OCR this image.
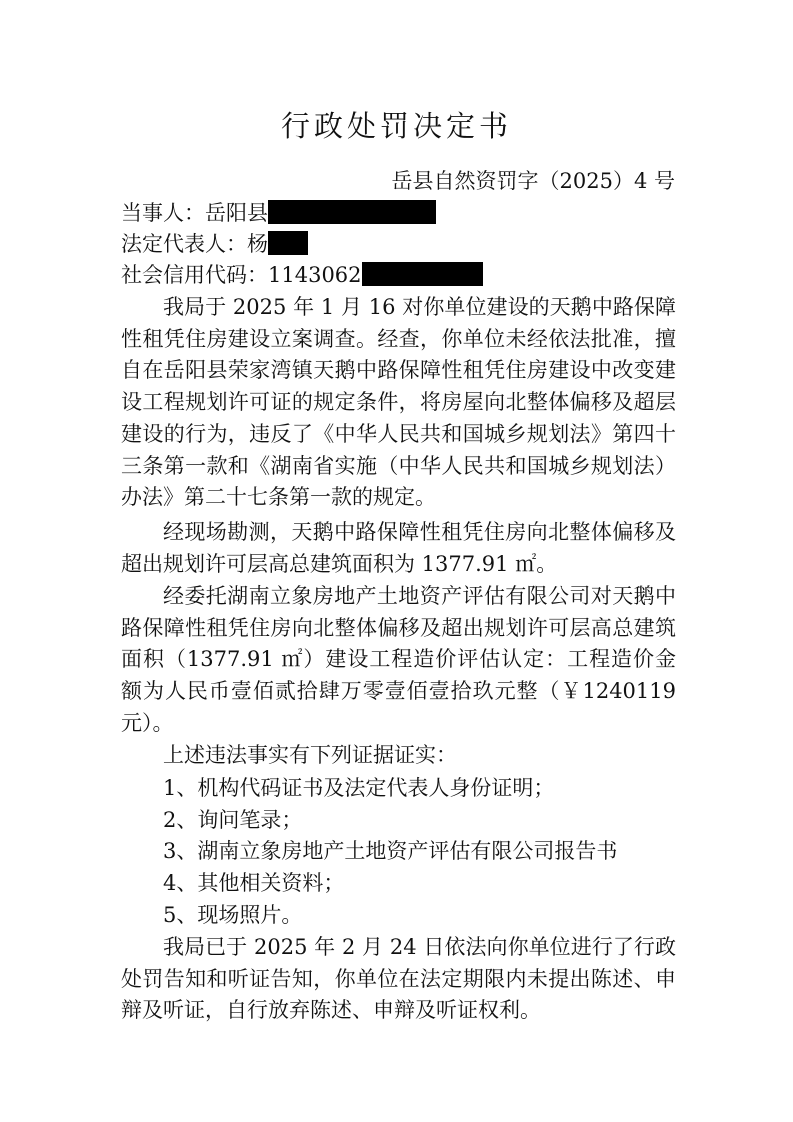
行政处罚决定书
岳县自然资罚字（2025）4 号
当事人：岳阳县
法定代表人：杨
社会信用代码：1143062

我局于 2025 年 1 月 16 对你单位建设的天鹅中路保障性租凭住房建设立案调查。经查，你单位未经依法批准，擅自在岳阳县荣家湾镇天鹅中路保障性租凭住房建设中改变建设工程规划许可证的规定条件，将房屋向北整体偏移及超层建设的行为，违反了《中华人民共和国城乡规划法》第四十三条第一款和《湖南省实施（中华人民共和国城乡规划法）办法》第二十七条第一款的规定。

经现场勘测，天鹅中路保障性租凭住房向北整体偏移及超出规划许可层高总建筑面积为 1377.91 ㎡。

经委托湖南立象房地产土地资产评估有限公司对天鹅中路保障性租凭住房向北整体偏移及超出规划许可层高总建筑面积（1377.91 ㎡）建设工程造价评估认定：工程造价金额为人民币壹佰贰拾肆万零壹佰壹拾玖元整（￥1240119元）。

上述违法事实有下列证据证实：

1、机构代码证书及法定代表人身份证明；
2、询问笔录；
3、湖南立象房地产土地资产评估有限公司报告书
4、其他相关资料；
5、现场照片。

我局已于 2025 年 2 月 24 日依法向你单位进行了行政处罚告知和听证告知，你单位在法定期限内未提出陈述、申辩及听证，自行放弃陈述、申辩及听证权利。
